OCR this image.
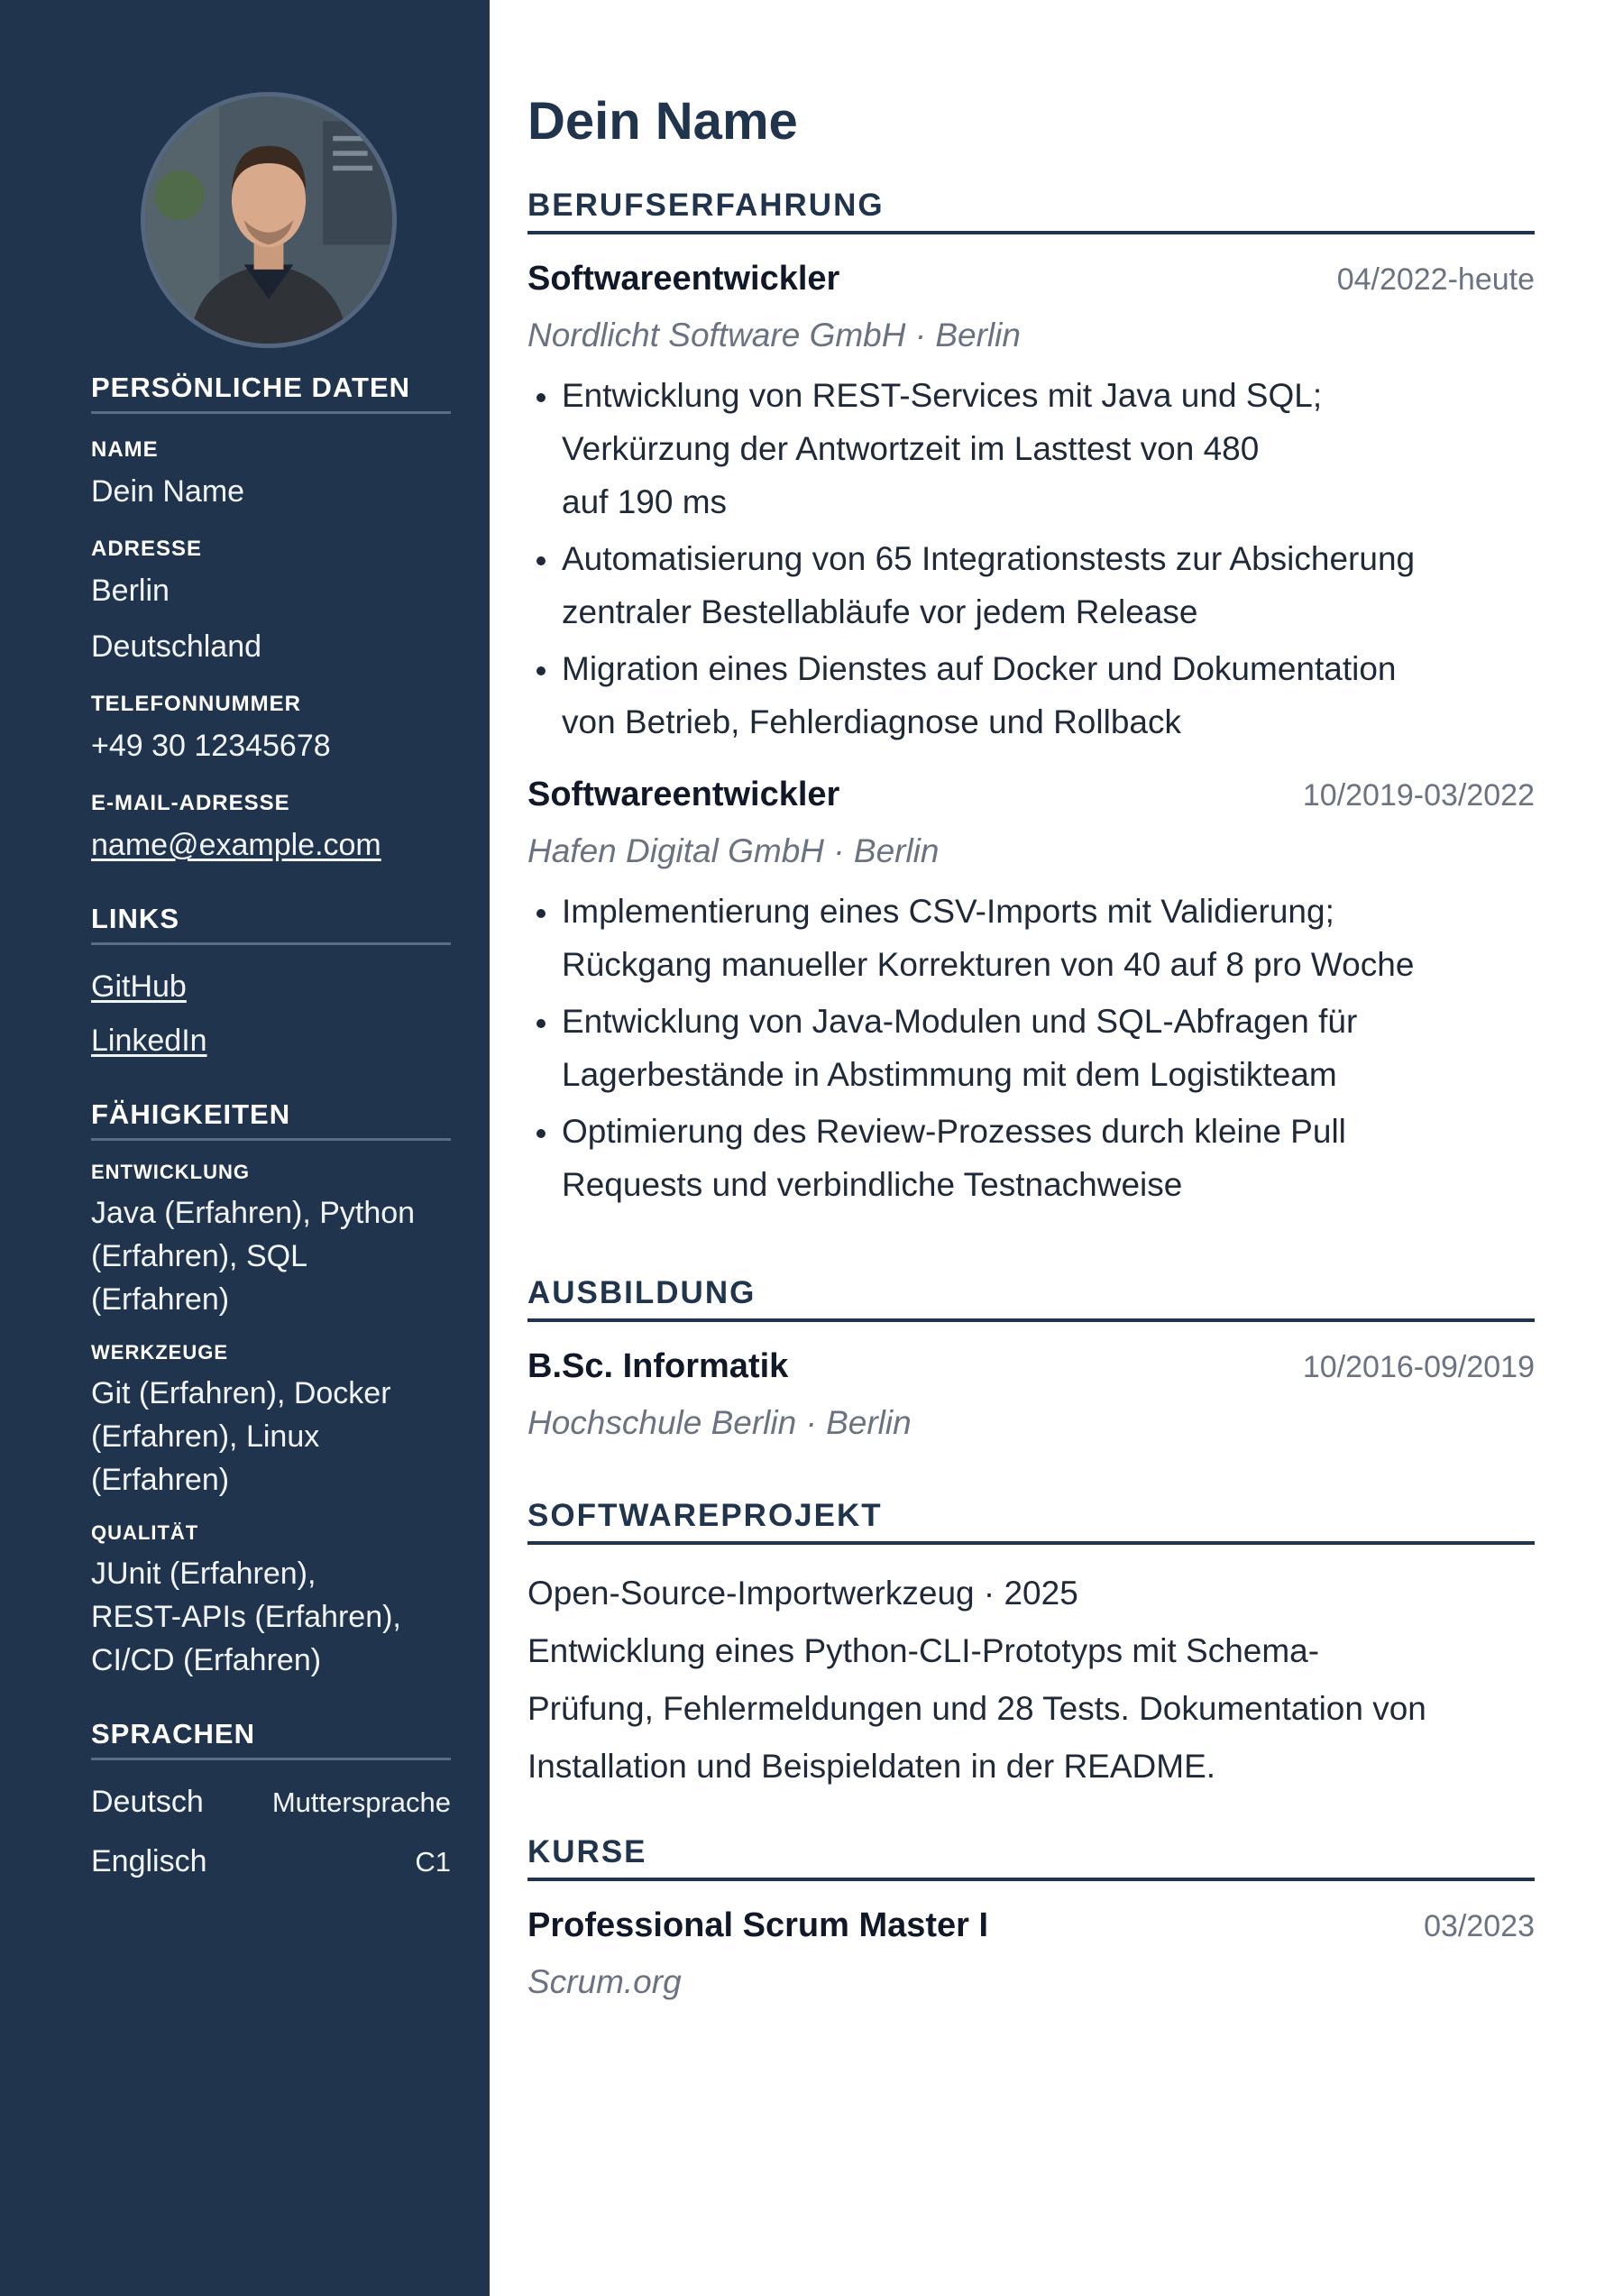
PERSÖNLICHE DATEN
NAME
Dein Name
ADRESSE
Berlin
Deutschland
TELEFONNUMMER
+49 30 12345678
E-MAIL-ADRESSE
name@example.com
LINKS
GitHub
LinkedIn
FÄHIGKEITEN
ENTWICKLUNG
Java (Erfahren), Python
(Erfahren), SQL
(Erfahren)
WERKZEUGE
Git (Erfahren), Docker
(Erfahren), Linux
(Erfahren)
QUALITÄT
JUnit (Erfahren),
REST-APIs (Erfahren),
CI/CD (Erfahren)
SPRACHEN
Deutsch Muttersprache
Englisch	C1
Dein Name
BERUFSERFAHRUNG
Softwareentwickler	04/2022-heute
Nordlicht Software GmbH · Berlin
Entwicklung von REST-Services mit Java und SQL;
Verkürzung der Antwortzeit im Lasttest von 480
auf 190 ms
Automatisierung von 65 Integrationstests zur Absicherung
zentraler Bestellabläufe vor jedem Release
Migration eines Dienstes auf Docker und Dokumentation
von Betrieb, Fehlerdiagnose und Rollback
Softwareentwickler	10/2019-03/2022
Hafen Digital GmbH · Berlin
Implementierung eines CSV-Imports mit Validierung;
Rückgang manueller Korrekturen von 40 auf 8 pro Woche
Entwicklung von Java-Modulen und SQL-Abfragen für
Lagerbestände in Abstimmung mit dem Logistikteam
Optimierung des Review-Prozesses durch kleine Pull
Requests und verbindliche Testnachweise
AUSBILDUNG
B.Sc. Informatik	10/2016-09/2019
Hochschule Berlin · Berlin
SOFTWAREPROJEKT
Open-Source-Importwerkzeug · 2025
Entwicklung eines Python-CLI-Prototyps mit Schema-
Prüfung, Fehlermeldungen und 28 Tests. Dokumentation von
Installation und Beispieldaten in der README.
KURSE
Professional Scrum Master I	03/2023
Scrum.org
